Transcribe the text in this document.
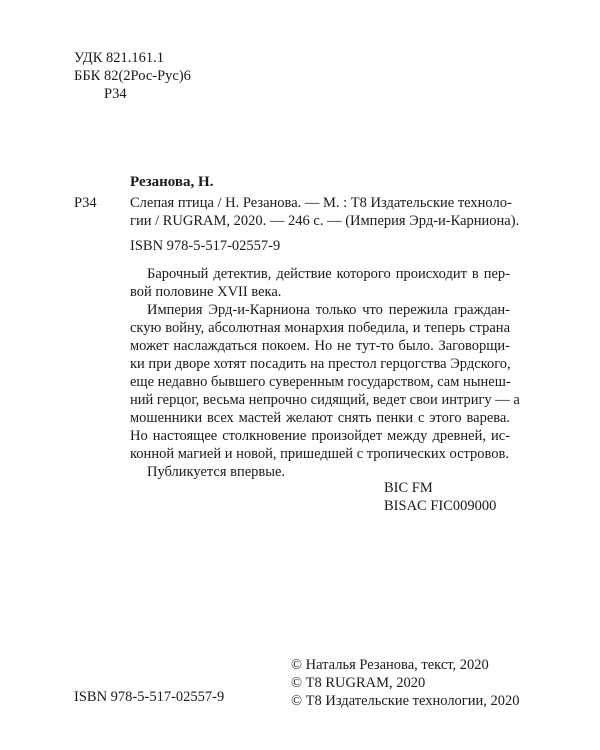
УДК 821.161.1
ББК 82(2Рос-Рус)6
Р34
Резанова, Н.
Р34 Слепая птица / Н. Резанова. — М. : Т8 Издательские техноло-
гии / RUGRAM, 2020. — 246 с. — (Империя Эрд-и-Карниона).
ISBN 978-5-517-02557-9
Барочный детектив, действие которого происходит в пер-
вой половине XVII века.
Империя Эрд-и-Карниона только что пережила граждан-
скую войну, абсолютная монархия победила, и теперь страна
может наслаждаться покоем. Но не тут-то было. Заговорщи-
ки при дворе хотят посадить на престол герцогства Эрдского,
еще недавно бывшего суверенным государством, сам нынеш-
ний герцог, весьма непрочно сидящий, ведет свои интригу — а
мошенники всех мастей желают снять пенки с этого варева.
Но настоящее столкновение произойдет между древней, ис-
конной магией и новой, пришедшей с тропических островов.
Публикуется впервые.
BIC FM
BISAC FIC009000
© Наталья Резанова, текст, 2020
© Т8 RUGRAM, 2020
© Т8 Издательские технологии, 2020
ISBN 978-5-517-02557-9
